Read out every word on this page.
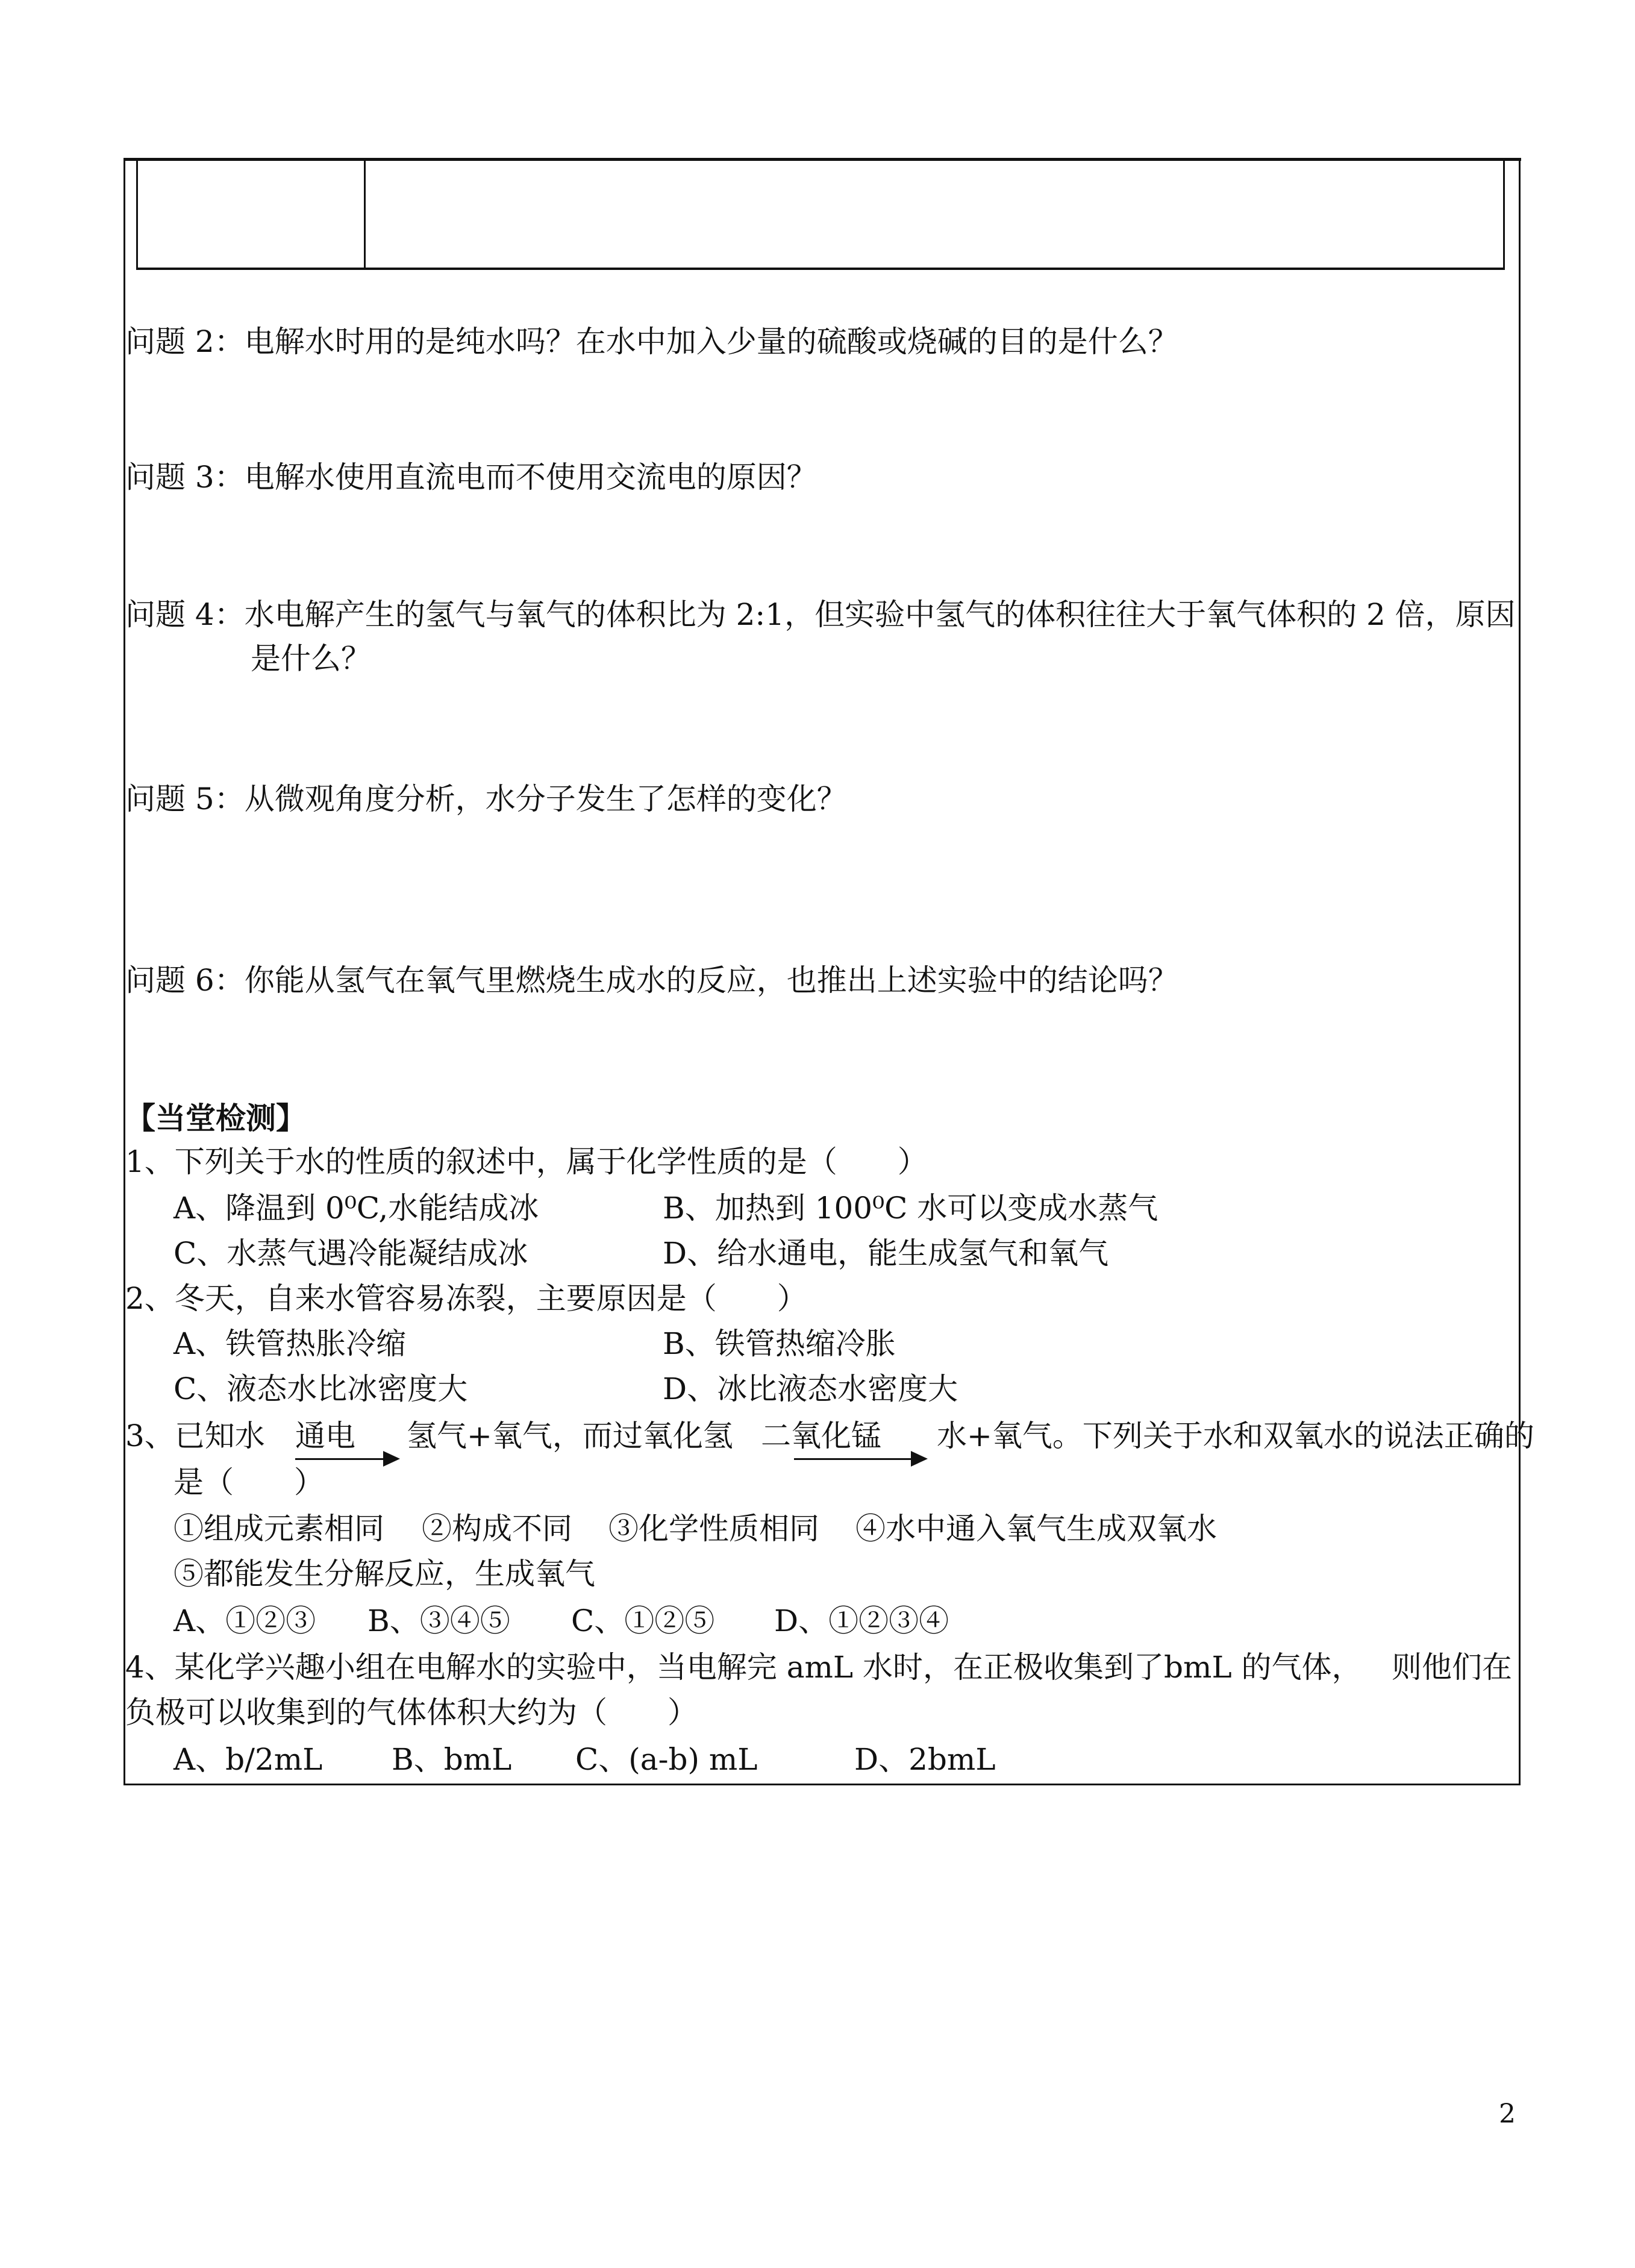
问题 2：电解水时用的是纯水吗？在水中加入少量的硫酸或烧碱的目的是什么？
问题 3：电解水使用直流电而不使用交流电的原因？
问题 4：水电解产生的氢气与氧气的体积比为 2:1，但实验中氢气的体积往往大于氧气体积的 2 倍，原因
是什么？
问题 5：从微观角度分析，水分子发生了怎样的变化？
问题 6：你能从氢气在氧气里燃烧生成水的反应，也推出上述实验中的结论吗？
【当堂检测】
1、下列关于水的性质的叙述中，属于化学性质的是（　　）
A、降温到 0⁰C,水能结成冰	B、加热到 100⁰C 水可以变成水蒸气
C、水蒸气遇冷能凝结成冰	D、给水通电，能生成氢气和氧气
2、冬天，自来水管容易冻裂，主要原因是（　　）
A、铁管热胀冷缩	B、铁管热缩冷胀
C、液态水比冰密度大	D、冰比液态水密度大
3、已知水 通电 氢气+氧气，而过氧化氢 二氧化锰 水+氧气。下列关于水和双氧水的说法正确的
是（　　）
①组成元素相同 ②构成不同 ③化学性质相同 ④水中通入氧气生成双氧水
⑤都能发生分解反应，生成氧气
A、①②③ B、③④⑤ C、①②⑤ D、①②③④
4、某化学兴趣小组在电解水的实验中，当电解完 amL 水时，在正极收集到了bmL 的气体， 则他们在
负极可以收集到的气体体积大约为（　　）
A、b/2mL B、bmL C、(a-b) mL	D、2bmL
2
